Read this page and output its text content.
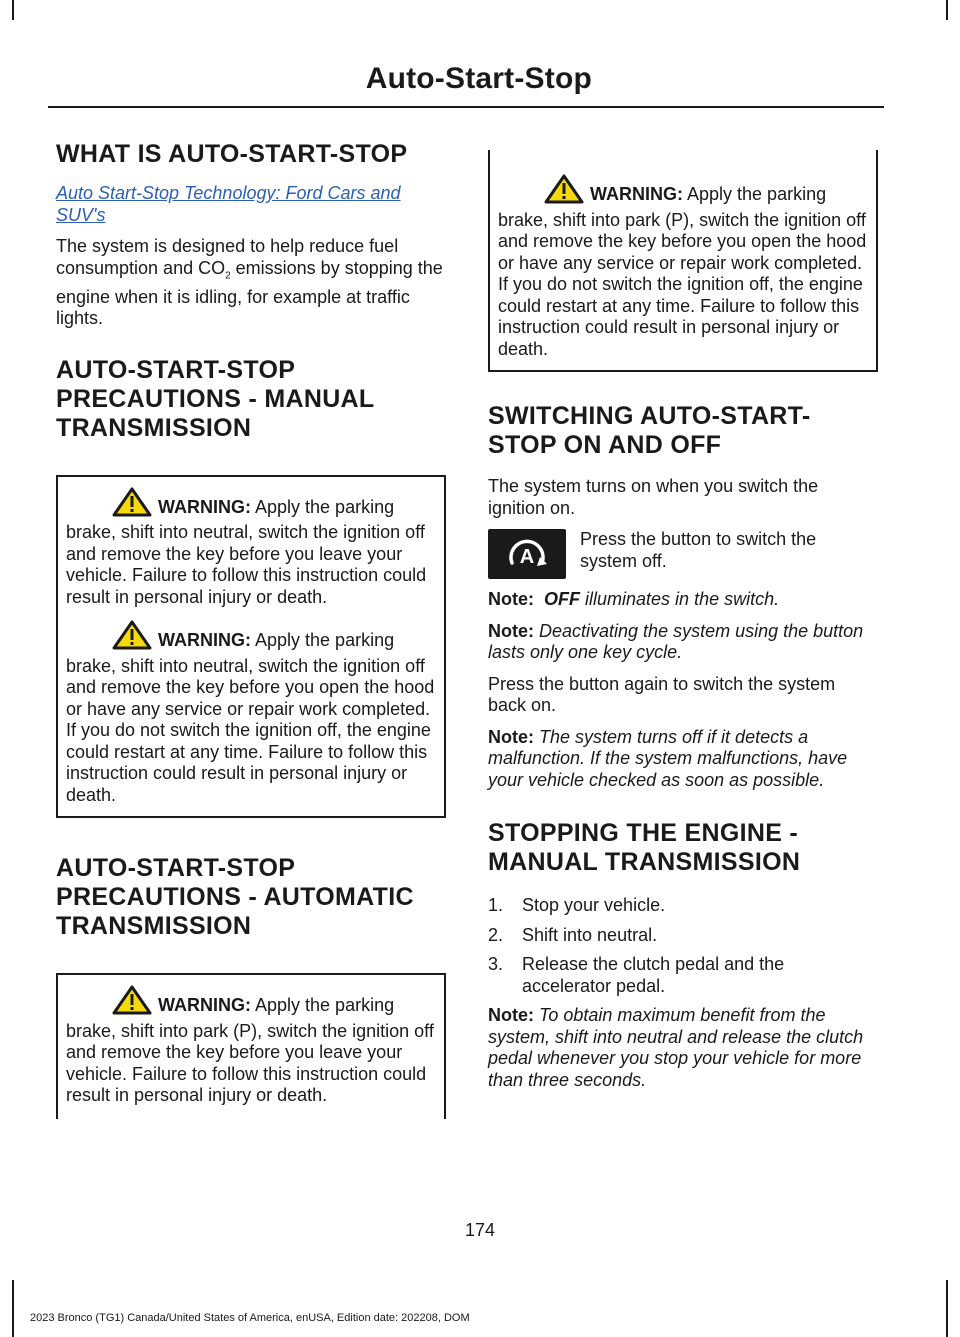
Auto-Start-Stop
WHAT IS AUTO-START-STOP
Auto Start-Stop Technology: Ford Cars and SUV's

The system is designed to help reduce fuel consumption and $CO_2$ emissions by stopping the engine when it is idling, for example at traffic lights.

AUTO-START-STOP PRECAUTIONS - MANUAL TRANSMISSION
WARNING: Apply the parking brake, shift into neutral, switch the ignition off and remove the key before you leave your vehicle. Failure to follow this instruction could result in personal injury or death.
WARNING: Apply the parking brake, shift into neutral, switch the ignition off and remove the key before you open the hood or have any service or repair work completed. If you do not switch the ignition off, the engine could restart at any time. Failure to follow this instruction could result in personal injury or death.
AUTO-START-STOP PRECAUTIONS - AUTOMATIC TRANSMISSION
WARNING: Apply the parking brake, shift into park (P), switch the ignition off and remove the key before you leave your vehicle. Failure to follow this instruction could result in personal injury or death.
WARNING: Apply the parking brake, shift into park (P), switch the ignition off and remove the key before you open the hood or have any service or repair work completed. If you do not switch the ignition off, the engine could restart at any time. Failure to follow this instruction could result in personal injury or death.
SWITCHING AUTO-START-STOP ON AND OFF

The system turns on when you switch the ignition on.

A

Press the button to switch the system off.

Note: OFF illuminates in the switch.

Note: Deactivating the system using the button lasts only one key cycle.

Press the button again to switch the system back on.

Note: The system turns off if it detects a malfunction. If the system malfunctions, have your vehicle checked as soon as possible.

STOPPING THE ENGINE - MANUAL TRANSMISSION
1.	Stop your vehicle.
2.	Shift into neutral.
3.	Release the clutch pedal and the accelerator pedal.

Note: To obtain maximum benefit from the system, shift into neutral and release the clutch pedal whenever you stop your vehicle for more than three seconds.

174
2023 Bronco (TG1) Canada/United States of America, enUSA, Edition date: 202208, DOM
